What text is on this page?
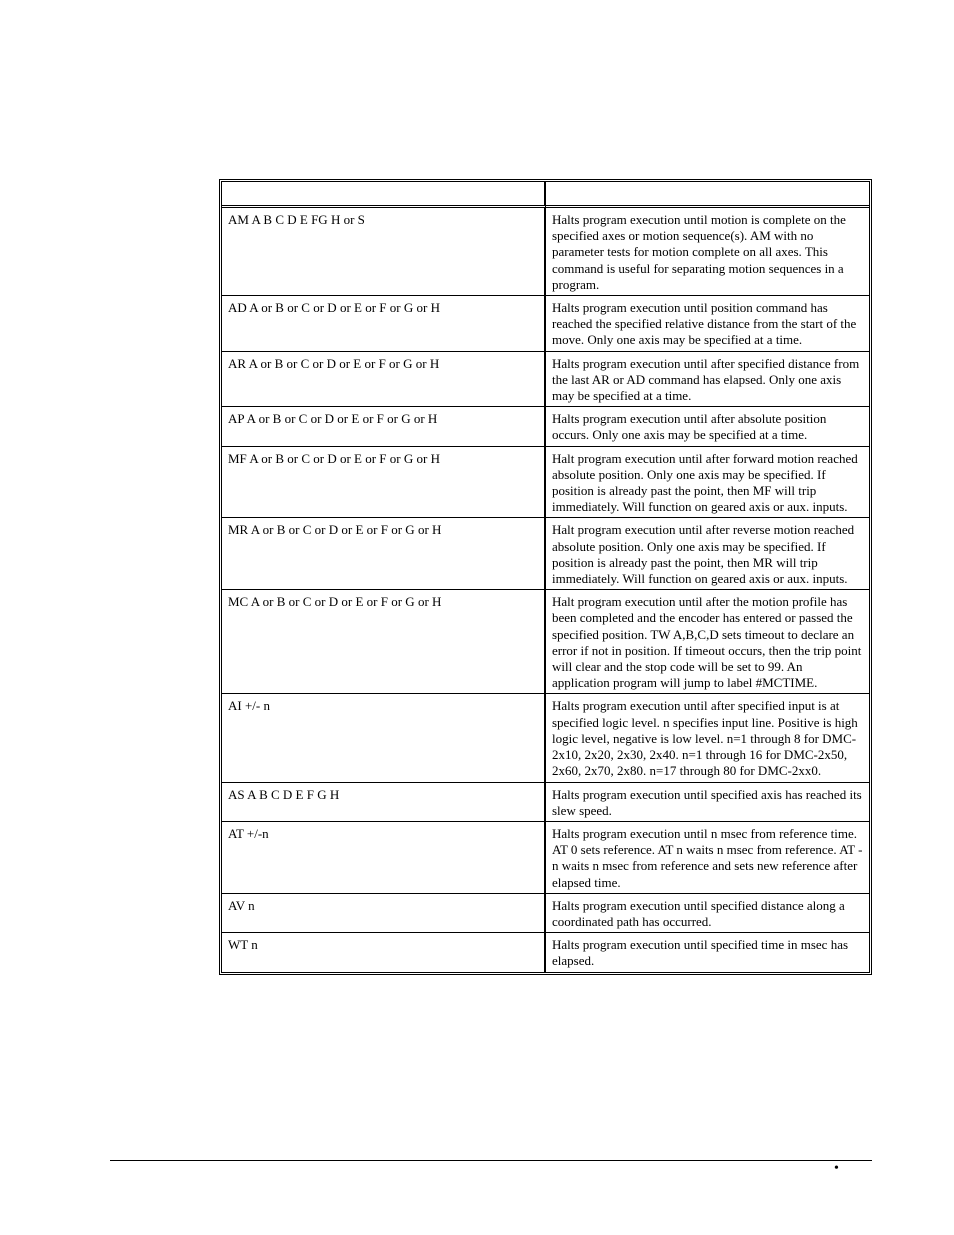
AM A B C D E FG H or S	Halts program execution until motion is complete on the specified axes or motion sequence(s). AM with no parameter tests for motion complete on all axes. This command is useful for separating motion sequences in a program.
AD A or B or C or D or E or F or G or H	Halts program execution until position command has reached the specified relative distance from the start of the move. Only one axis may be specified at a time.
AR A or B or C or D or E or F or G or H	Halts program execution until after specified distance from the last AR or AD command has elapsed. Only one axis may be specified at a time.
AP A or B or C or D or E or F or G or H	Halts program execution until after absolute position occurs. Only one axis may be specified at a time.
MF A or B or C or D or E or F or G or H	Halt program execution until after forward motion reached absolute position. Only one axis may be specified. If position is already past the point, then MF will trip immediately. Will function on geared axis or aux. inputs.
MR A or B or C or D or E or F or G or H	Halt program execution until after reverse motion reached absolute position. Only one axis may be specified. If position is already past the point, then MR will trip immediately. Will function on geared axis or aux. inputs.
MC A or B or C or D or E or F or G or H	Halt program execution until after the motion profile has been completed and the encoder has entered or passed the specified position. TW A,B,C,D sets timeout to declare an error if not in position. If timeout occurs, then the trip point will clear and the stop code will be set to 99. An application program will jump to label #MCTIME.
AI +/- n	Halts program execution until after specified input is at specified logic level. n specifies input line. Positive is high logic level, negative is low level. n=1 through 8 for DMC-2x10, 2x20, 2x30, 2x40. n=1 through 16 for DMC-2x50, 2x60, 2x70, 2x80. n=17 through 80 for DMC-2xx0.
AS A B C D E F G H	Halts program execution until specified axis has reached its slew speed.
AT +/-n	Halts program execution until n msec from reference time. AT 0 sets reference. AT n waits n msec from reference. AT -n waits n msec from reference and sets new reference after elapsed time.
AV n	Halts program execution until specified distance along a coordinated path has occurred.
WT n	Halts program execution until specified time in msec has elapsed.
•
